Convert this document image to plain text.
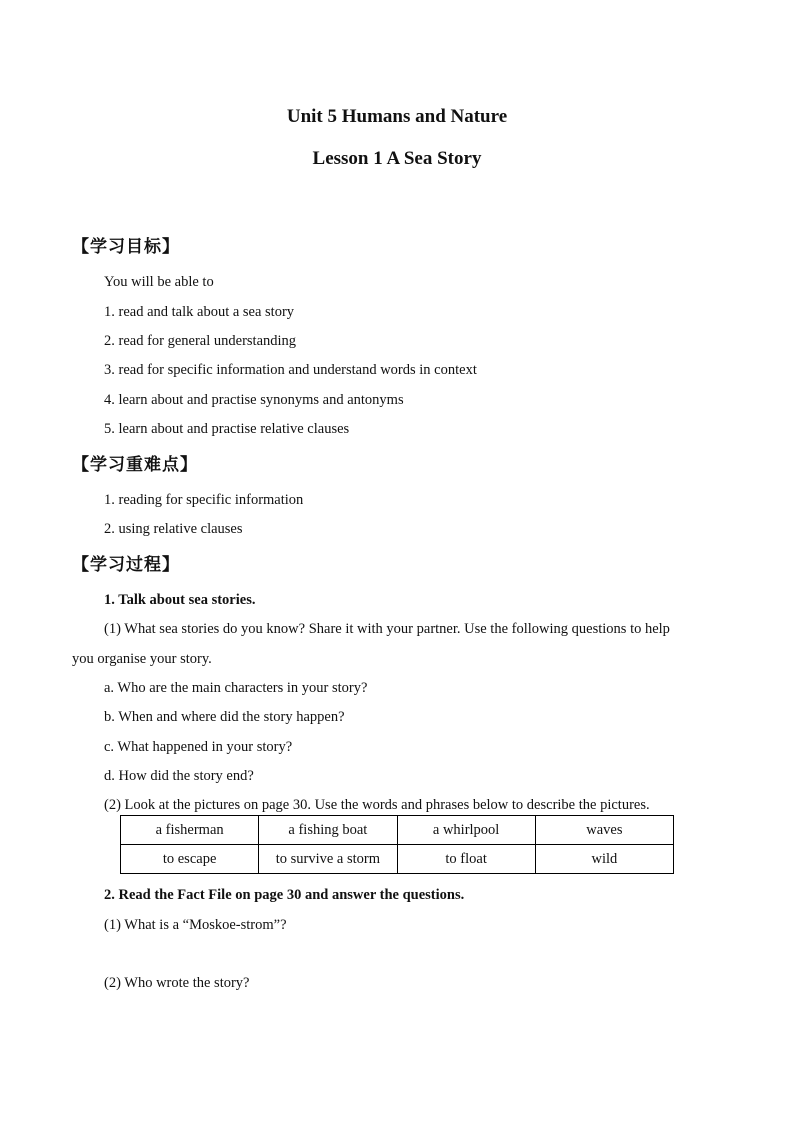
Unit 5 Humans and Nature
Lesson 1 A Sea Story
【学习目标】
You will be able to
1. read and talk about a sea story
2. read for general understanding
3. read for specific information and understand words in context
4. learn about and practise synonyms and antonyms
5. learn about and practise relative clauses
【学习重难点】
1. reading for specific information
2. using relative clauses
【学习过程】
1. Talk about sea stories.
(1) What sea stories do you know? Share it with your partner. Use the following questions to help
you organise your story.
a. Who are the main characters in your story?
b. When and where did the story happen?
c. What happened in your story?
d. How did the story end?
(2) Look at the pictures on page 30. Use the words and phrases below to describe the pictures.
a fisherman	a fishing boat	a whirlpool	waves
to escape	to survive a storm	to float	wild
2. Read the Fact File on page 30 and answer the questions.
(1) What is a “Moskoe-strom”?
(2) Who wrote the story?
